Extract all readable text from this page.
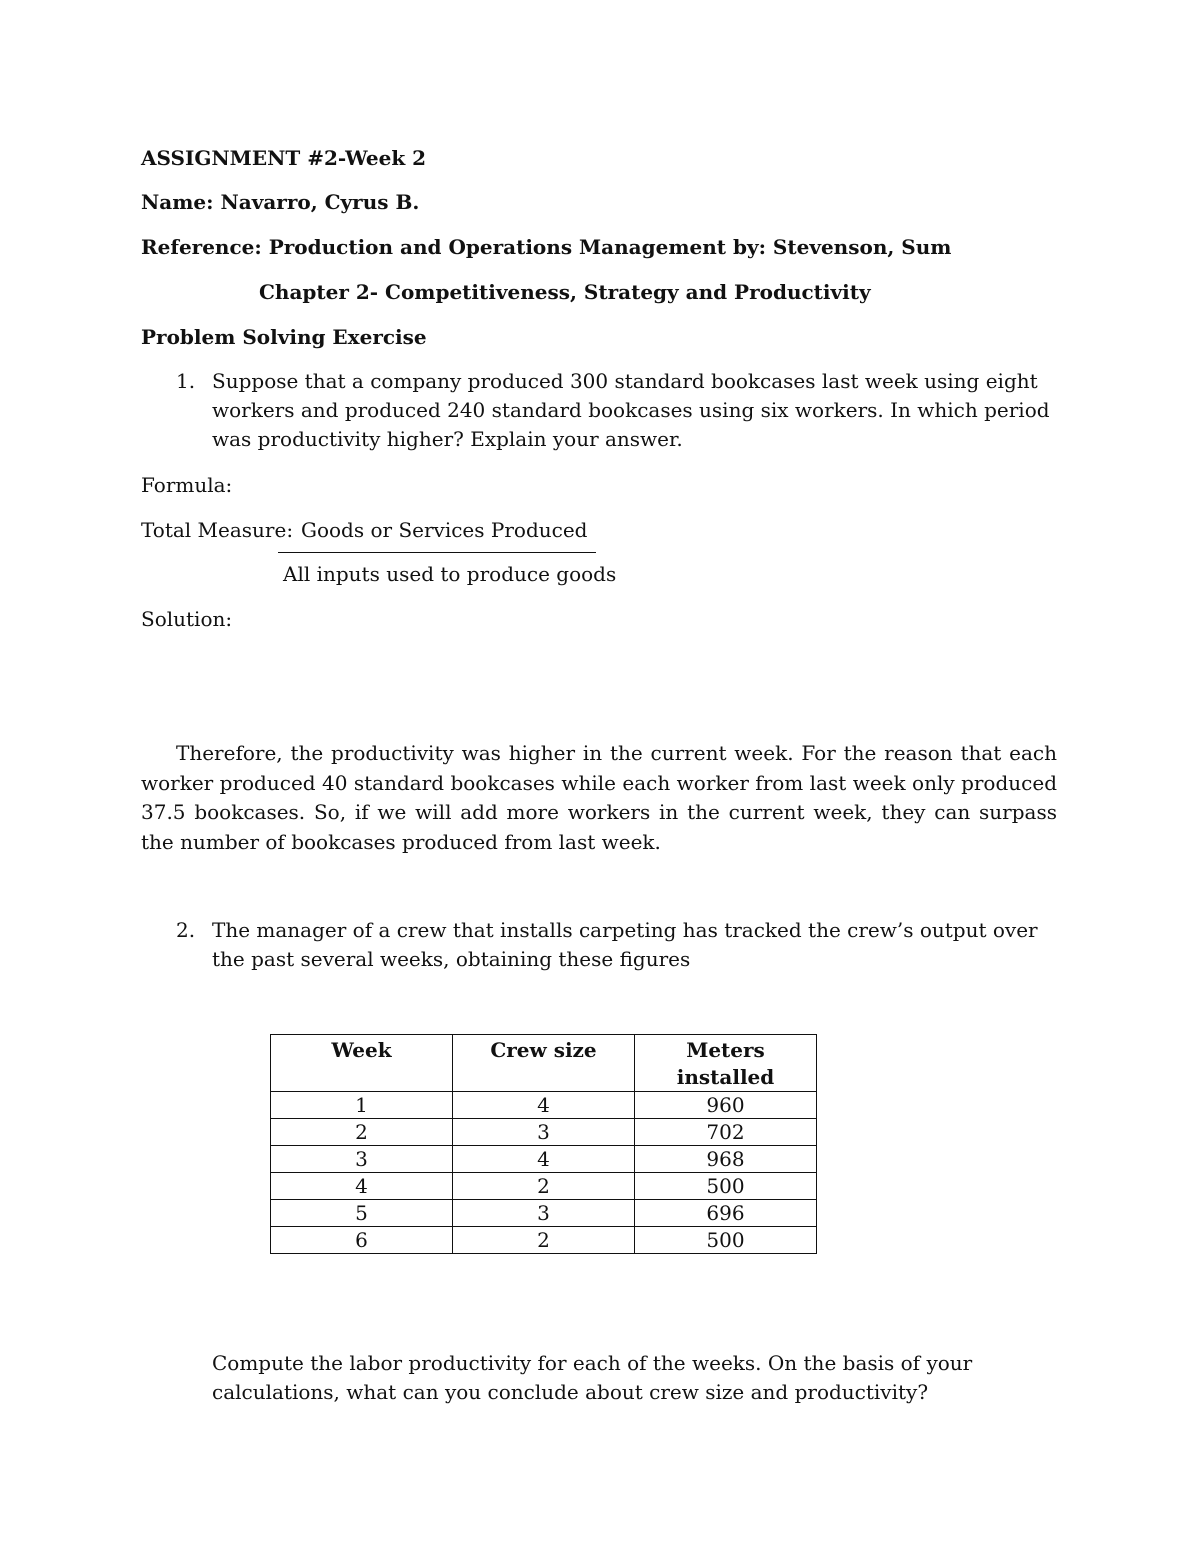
ASSIGNMENT #2-Week 2
Name: Navarro, Cyrus B.
Reference: Production and Operations Management by: Stevenson, Sum
Chapter 2- Competitiveness, Strategy and Productivity
Problem Solving Exercise
1. Suppose that a company produced 300 standard bookcases last week using eight workers and produced 240 standard bookcases using six workers. In which period was productivity higher? Explain your answer.
Formula:
Total Measure: Goods or Services Produced
All inputs used to produce goods
Solution:
Therefore, the productivity was higher in the current week. For the reason that each worker produced 40 standard bookcases while each worker from last week only produced 37.5 bookcases. So, if we will add more workers in the current week, they can surpass the number of bookcases produced from last week.
2. The manager of a crew that installs carpeting has tracked the crew’s output over the past several weeks, obtaining these figures
Week	Crew size	Meters installed
1	4	960
2	3	702
3	4	968
4	2	500
5	3	696
6	2	500
Compute the labor productivity for each of the weeks. On the basis of your calculations, what can you conclude about crew size and productivity?
